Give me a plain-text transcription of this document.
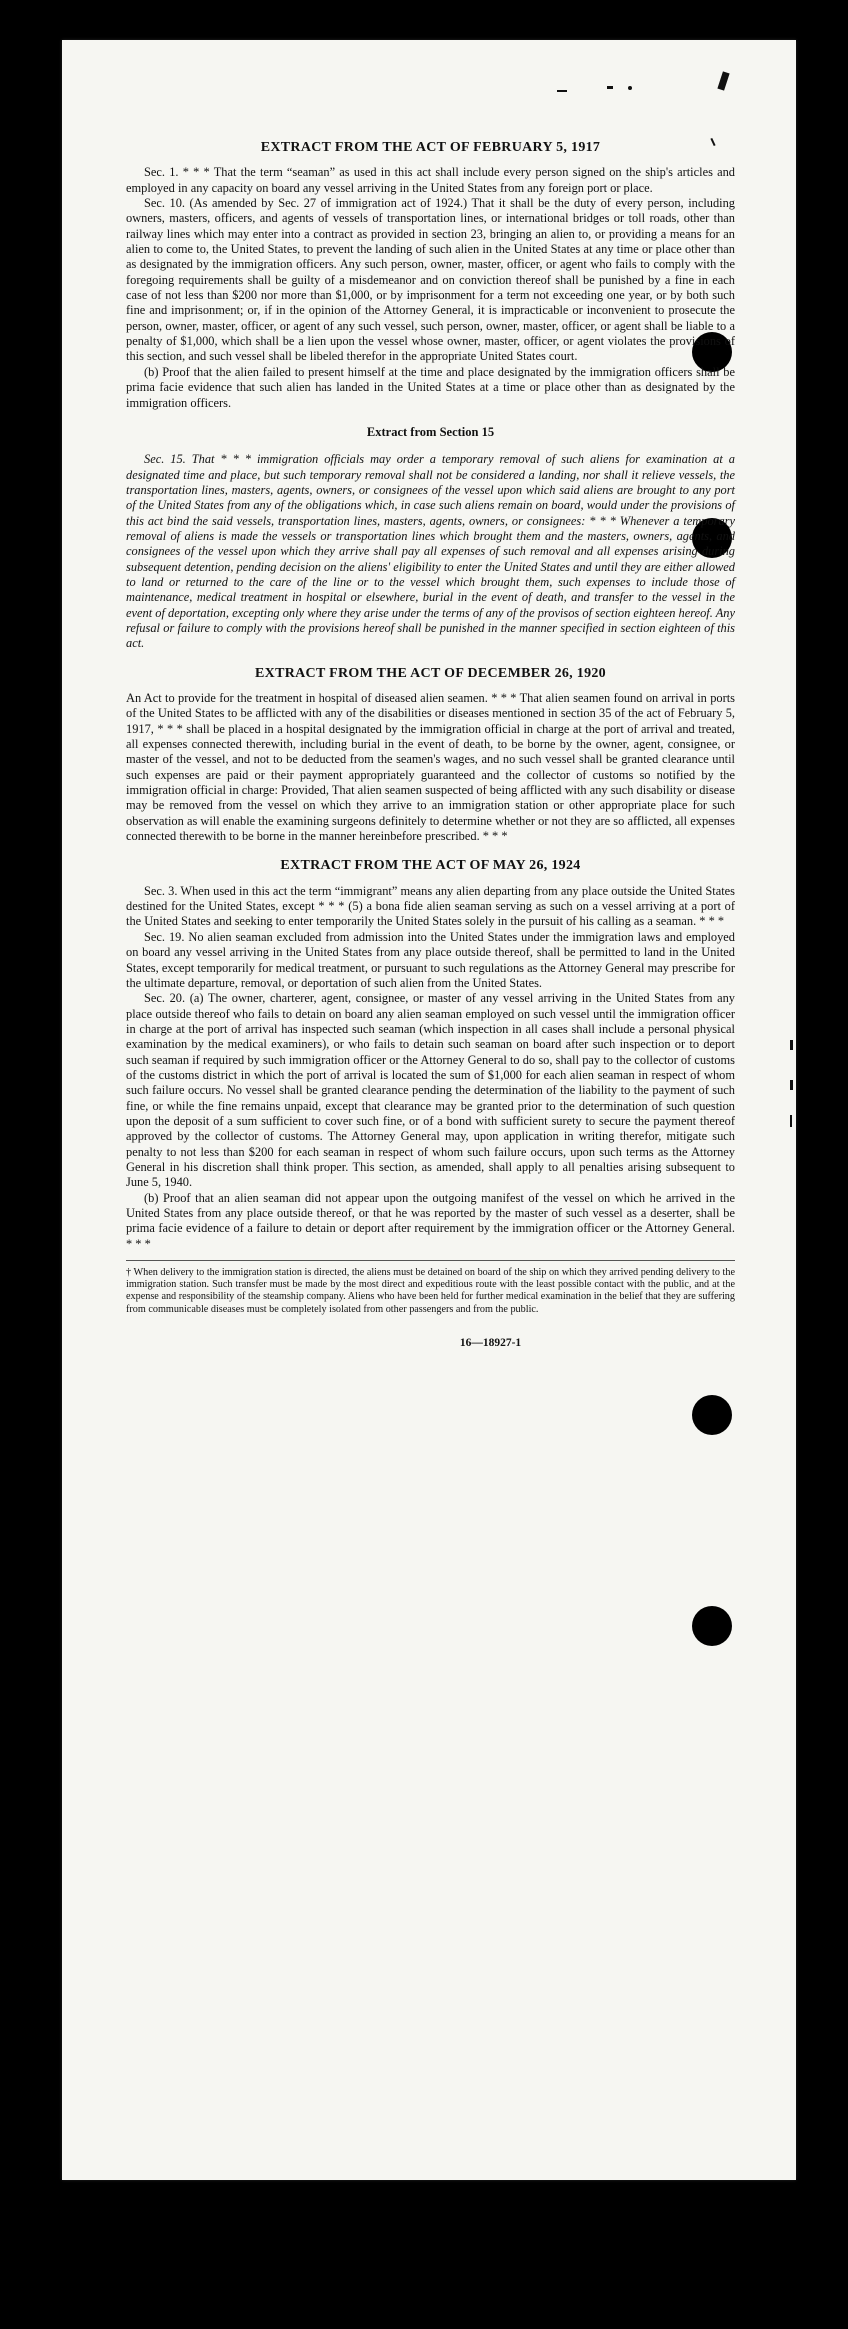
EXTRACT FROM THE ACT OF FEBRUARY 5, 1917

Sec. 1. * * * That the term “seaman” as used in this act shall include every person signed on the ship's articles and employed in any capacity on board any vessel arriving in the United States from any foreign port or place.

Sec. 10. (As amended by Sec. 27 of immigration act of 1924.) That it shall be the duty of every person, including owners, masters, officers, and agents of vessels of transportation lines, or international bridges or toll roads, other than railway lines which may enter into a contract as provided in section 23, bringing an alien to, or providing a means for an alien to come to, the United States, to prevent the landing of such alien in the United States at any time or place other than as designated by the immigration officers. Any such person, owner, master, officer, or agent who fails to comply with the foregoing requirements shall be guilty of a misdemeanor and on conviction thereof shall be punished by a fine in each case of not less than $200 nor more than $1,000, or by imprisonment for a term not exceeding one year, or by both such fine and imprisonment; or, if in the opinion of the Attorney General, it is impracticable or inconvenient to prosecute the person, owner, master, officer, or agent of any such vessel, such person, owner, master, officer, or agent shall be liable to a penalty of $1,000, which shall be a lien upon the vessel whose owner, master, officer, or agent violates the provisions of this section, and such vessel shall be libeled therefor in the appropriate United States court.

(b) Proof that the alien failed to present himself at the time and place designated by the immigration officers shall be prima facie evidence that such alien has landed in the United States at a time or place other than as designated by the immigration officers.

Extract from Section 15

Sec. 15. That * * * immigration officials may order a temporary removal of such aliens for examination at a designated time and place, but such temporary removal shall not be considered a landing, nor shall it relieve vessels, the transportation lines, masters, agents, owners, or consignees of the vessel upon which said aliens are brought to any port of the United States from any of the obligations which, in case such aliens remain on board, would under the provisions of this act bind the said vessels, transportation lines, masters, agents, owners, or consignees: * * * Whenever a temporary removal of aliens is made the vessels or transportation lines which brought them and the masters, owners, agents, and consignees of the vessel upon which they arrive shall pay all expenses of such removal and all expenses arising during subsequent detention, pending decision on the aliens' eligibility to enter the United States and until they are either allowed to land or returned to the care of the line or to the vessel which brought them, such expenses to include those of maintenance, medical treatment in hospital or elsewhere, burial in the event of death, and transfer to the vessel in the event of deportation, excepting only where they arise under the terms of any of the provisos of section eighteen hereof. Any refusal or failure to comply with the provisions hereof shall be punished in the manner specified in section eighteen of this act.

EXTRACT FROM THE ACT OF DECEMBER 26, 1920

An Act to provide for the treatment in hospital of diseased alien seamen. * * * That alien seamen found on arrival in ports of the United States to be afflicted with any of the disabilities or diseases mentioned in section 35 of the act of February 5, 1917, * * * shall be placed in a hospital designated by the immigration official in charge at the port of arrival and treated, all expenses connected therewith, including burial in the event of death, to be borne by the owner, agent, consignee, or master of the vessel, and not to be deducted from the seamen's wages, and no such vessel shall be granted clearance until such expenses are paid or their payment appropriately guaranteed and the collector of customs so notified by the immigration official in charge: Provided, That alien seamen suspected of being afflicted with any such disability or disease may be removed from the vessel on which they arrive to an immigration station or other appropriate place for such observation as will enable the examining surgeons definitely to determine whether or not they are so afflicted, all expenses connected therewith to be borne in the manner hereinbefore prescribed. * * *

EXTRACT FROM THE ACT OF MAY 26, 1924

Sec. 3. When used in this act the term “immigrant” means any alien departing from any place outside the United States destined for the United States, except * * * (5) a bona fide alien seaman serving as such on a vessel arriving at a port of the United States and seeking to enter temporarily the United States solely in the pursuit of his calling as a seaman. * * *

Sec. 19. No alien seaman excluded from admission into the United States under the immigration laws and employed on board any vessel arriving in the United States from any place outside thereof, shall be permitted to land in the United States, except temporarily for medical treatment, or pursuant to such regulations as the Attorney General may prescribe for the ultimate departure, removal, or deportation of such alien from the United States.

Sec. 20. (a) The owner, charterer, agent, consignee, or master of any vessel arriving in the United States from any place outside thereof who fails to detain on board any alien seaman employed on such vessel until the immigration officer in charge at the port of arrival has inspected such seaman (which inspection in all cases shall include a personal physical examination by the medical examiners), or who fails to detain such seaman on board after such inspection or to deport such seaman if required by such immigration officer or the Attorney General to do so, shall pay to the collector of customs of the customs district in which the port of arrival is located the sum of $1,000 for each alien seaman in respect of whom such failure occurs. No vessel shall be granted clearance pending the determination of the liability to the payment of such fine, or while the fine remains unpaid, except that clearance may be granted prior to the determination of such question upon the deposit of a sum sufficient to cover such fine, or of a bond with sufficient surety to secure the payment thereof approved by the collector of customs. The Attorney General may, upon application in writing therefor, mitigate such penalty to not less than $200 for each seaman in respect of whom such failure occurs, upon such terms as the Attorney General in his discretion shall think proper. This section, as amended, shall apply to all penalties arising subsequent to June 5, 1940.

(b) Proof that an alien seaman did not appear upon the outgoing manifest of the vessel on which he arrived in the United States from any place outside thereof, or that he was reported by the master of such vessel as a deserter, shall be prima facie evidence of a failure to detain or deport after requirement by the immigration officer or the Attorney General. * * *

† When delivery to the immigration station is directed, the aliens must be detained on board of the ship on which they arrived pending delivery to the immigration station. Such transfer must be made by the most direct and expeditious route with the least possible contact with the public, and at the expense and responsibility of the steamship company. Aliens who have been held for further medical examination in the belief that they are suffering from communicable diseases must be completely isolated from other passengers and from the public.
16—18927-1
